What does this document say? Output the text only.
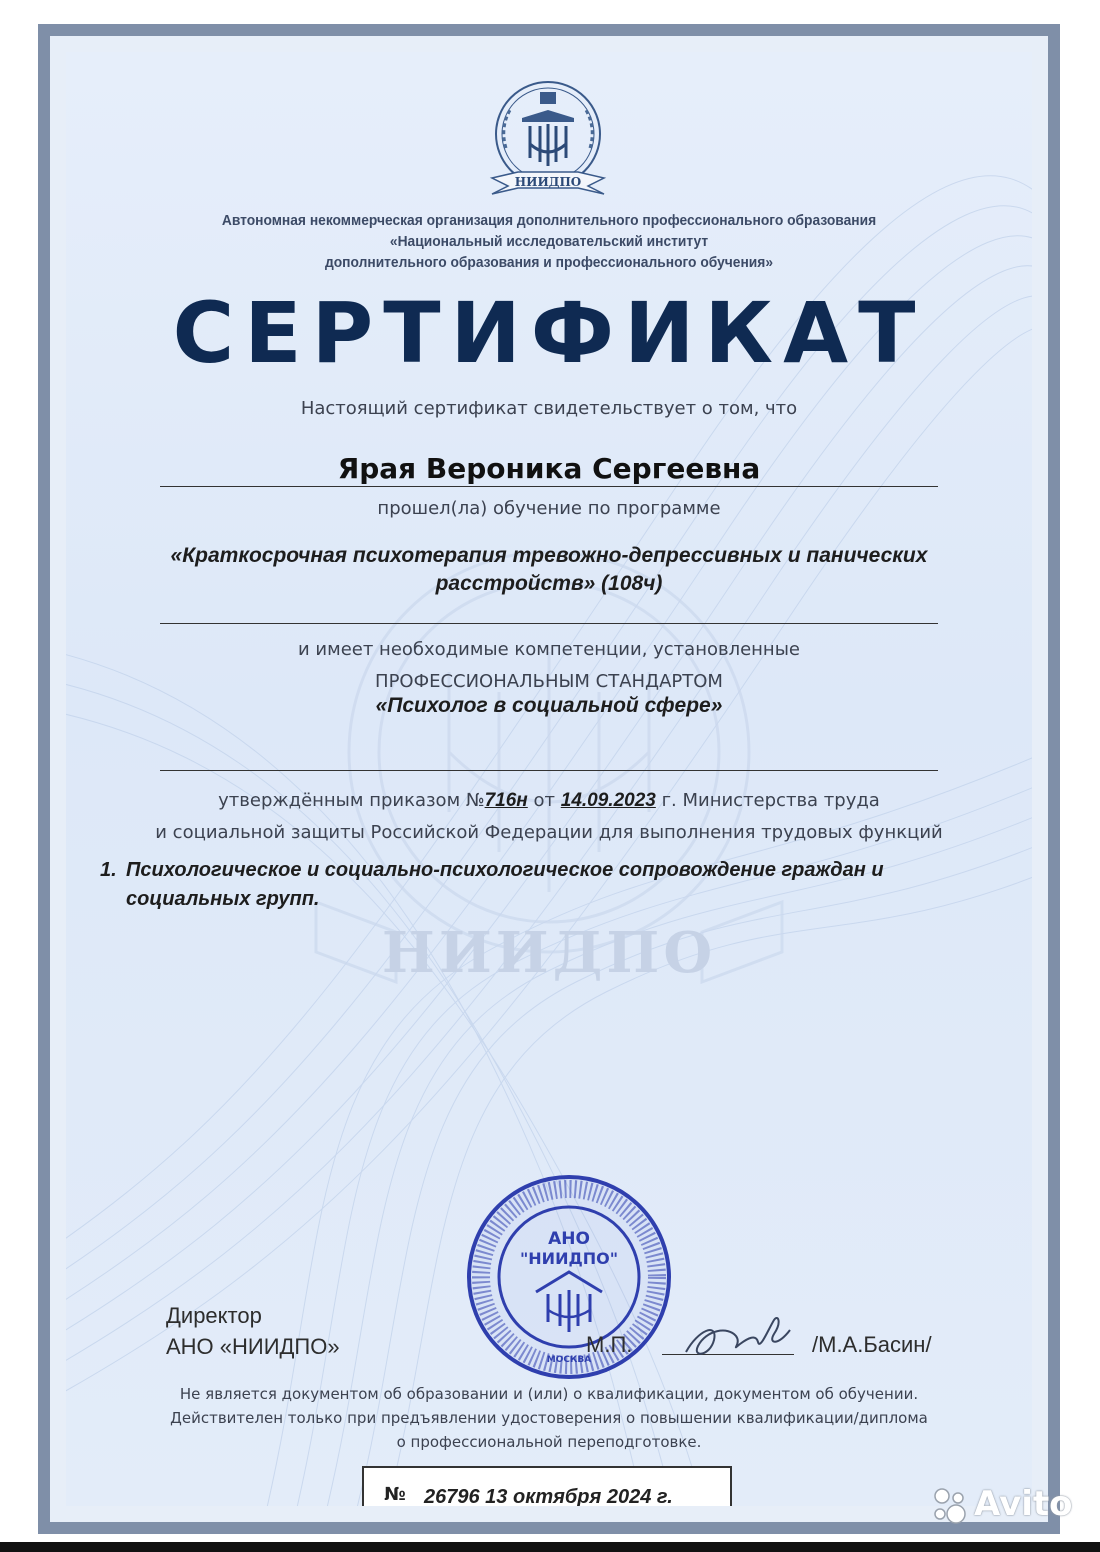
НИИДПО
Автономная некоммерческая организация дополнительного профессионального образования
«Национальный исследовательский институт
дополнительного образования и профессионального обучения»
СЕРТИФИКАТ
Настоящий сертификат свидетельствует о том, что
Ярая Вероника Сергеевна
прошел(ла) обучение по программе
«Краткосрочная психотерапия тревожно-депрессивных и панических
расстройств» (108ч)
и имеет необходимые компетенции, установленные
ПРОФЕССИОНАЛЬНЫМ СТАНДАРТОМ
«Психолог в социальной сфере»
утверждённым приказом №716н от 14.09.2023 г. Министерства труда
и социальной защиты Российской Федерации для выполнения трудовых функций
1. Психологическое и социально-психологическое сопровождение граждан и социальных групп.
НИИДПО
Директор
АНО «НИИДПО»
АНО
"НИИДПО"
МОСКВА
М.П.	/М.А.Басин/
Не является документом об образовании и (или) о квалификации, документом об обучении.
Действителен только при предъявлении удостоверения о повышении квалификации/диплома
о профессиональной переподготовке.
№ 26796 13 октября 2024 г.	Avito
